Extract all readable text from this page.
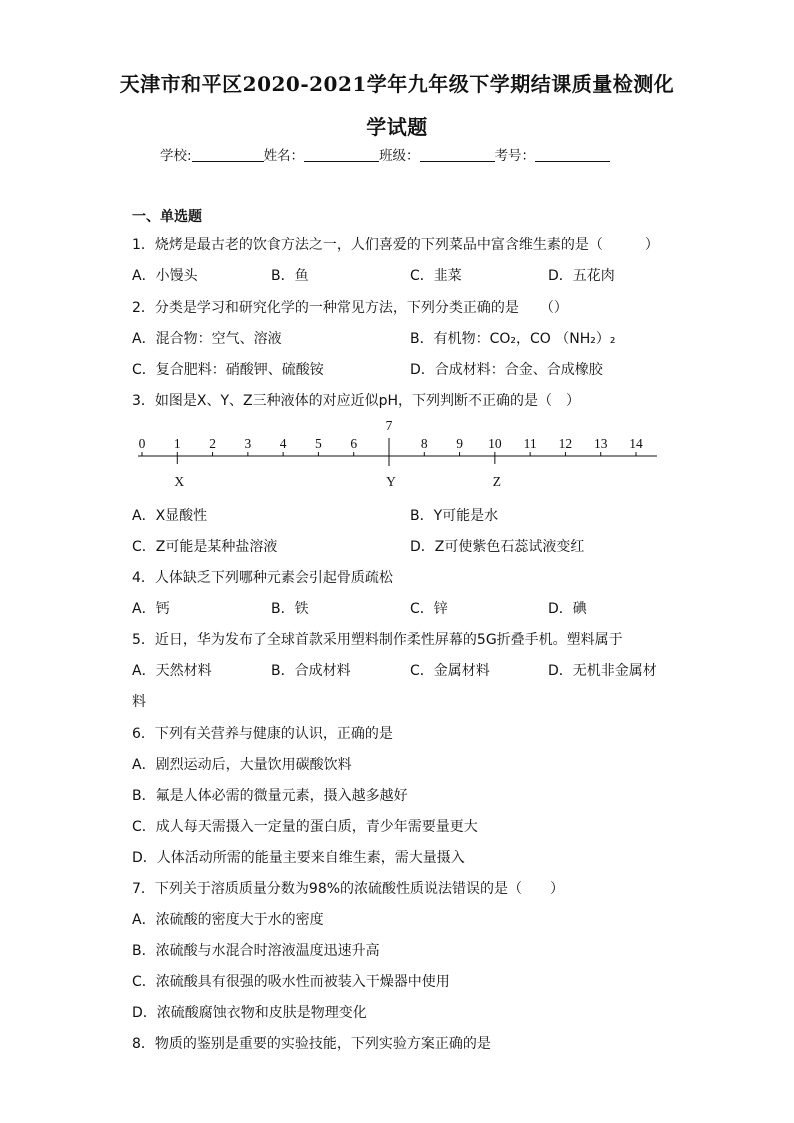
天津市和平区2020-2021学年九年级下学期结课质量检测化
学试题
学校:	姓名：	班级：	考号：
一、单选题
1．烧烤是最古老的饮食方法之一，人们喜爱的下列菜品中富含维生素的是（　　　）
A．小馒头	B．鱼	C．韭菜	D．五花肉
2．分类是学习和研究化学的一种常见方法，下列分类正确的是　　（）
A．混合物：空气、溶液	B．有机物：CO₂，CO （NH₂）₂
C．复合肥料：硝酸钾、硫酸铵	D．合成材料：合金、合成橡胶
3．如图是X、Y、Z三种液体的对应近似pH，下列判断不正确的是（　）
0 1 2 3 4 5 6
7
8 9 10 11 12 13 14
X	Y	Z
A．X显酸性	B．Y可能是水
C．Z可能是某种盐溶液	D．Z可使紫色石蕊试液变红
4．人体缺乏下列哪种元素会引起骨质疏松
A．钙	B．铁	C．锌	D．碘
5．近日，华为发布了全球首款采用塑料制作柔性屏幕的5G折叠手机。塑料属于
A．天然材料	B．合成材料	C．金属材料	D．无机非金属材
料
6．下列有关营养与健康的认识，正确的是
A．剧烈运动后，大量饮用碳酸饮料
B．氟是人体必需的微量元素，摄入越多越好
C．成人每天需摄入一定量的蛋白质，青少年需要量更大
D．人体活动所需的能量主要来自维生素，需大量摄入
7．下列关于溶质质量分数为98%的浓硫酸性质说法错误的是（　　）
A．浓硫酸的密度大于水的密度
B．浓硫酸与水混合时溶液温度迅速升高
C．浓硫酸具有很强的吸水性而被装入干燥器中使用
D．浓硫酸腐蚀衣物和皮肤是物理变化
8．物质的鉴别是重要的实验技能，下列实验方案正确的是
